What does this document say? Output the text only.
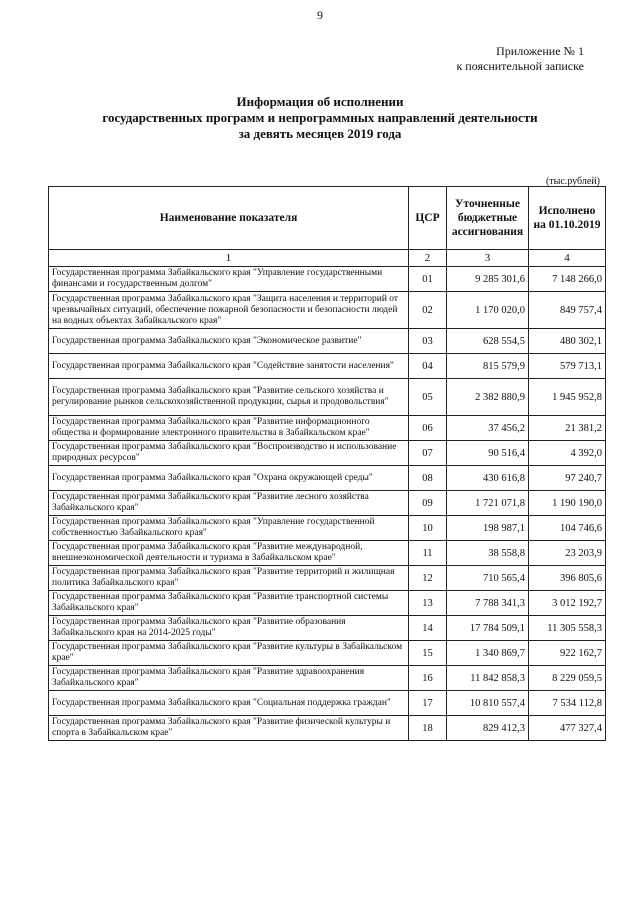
9
Приложение № 1
к пояснительной записке
Информация об исполнении
государственных программ и непрограммных направлений деятельности
за девять месяцев 2019 года
(тыс.рублей)
Наименование показателя	ЦСР	Уточненные бюджетные ассигнования	Исполнено на 01.10.2019
1	2	3	4
Государственная программа Забайкальского края "Управление государственными финансами и государственным долгом"	01	9 285 301,6	7 148 266,0
Государственная программа Забайкальского края "Защита населения и территорий от чрезвычайных ситуаций, обеспечение пожарной безопасности и безопасности людей на водных объектах Забайкальского края"	02	1 170 020,0	849 757,4
Государственная программа Забайкальского края "Экономическое развитие"	03	628 554,5	480 302,1
Государственная программа Забайкальского края "Содействие занятости населения"	04	815 579,9	579 713,1
Государственная программа Забайкальского края "Развитие сельского хозяйства и регулирование рынков сельскохозяйственной продукции, сырья и продовольствия"	05	2 382 880,9	1 945 952,8
Государственная программа Забайкальского края "Развитие информационного общества и формирование электронного правительства в Забайкальском крае"	06	37 456,2	21 381,2
Государственная программа Забайкальского края "Воспроизводство и использование природных ресурсов"	07	90 516,4	4 392,0
Государственная программа Забайкальского края "Охрана окружающей среды"	08	430 616,8	97 240,7
Государственная программа Забайкальского края "Развитие лесного хозяйства Забайкальского края"	09	1 721 071,8	1 190 190,0
Государственная программа Забайкальского края "Управление государственной собственностью Забайкальского края"	10	198 987,1	104 746,6
Государственная программа Забайкальского края "Развитие международной, внешнеэкономической деятельности и туризма в Забайкальском крае"	11	38 558,8	23 203,9
Государственная программа Забайкальского края "Развитие территорий и жилищная политика Забайкальского края"	12	710 565,4	396 805,6
Государственная программа Забайкальского края "Развитие транспортной системы Забайкальского края"	13	7 788 341,3	3 012 192,7
Государственная программа Забайкальского края "Развитие образования Забайкальского края на 2014-2025 годы"	14	17 784 509,1	11 305 558,3
Государственная программа Забайкальского края "Развитие культуры в Забайкальском крае"	15	1 340 869,7	922 162,7
Государственная программа Забайкальского края "Развитие здравоохранения Забайкальского края"	16	11 842 858,3	8 229 059,5
Государственная программа Забайкальского края "Социальная поддержка граждан"	17	10 810 557,4	7 534 112,8
Государственная программа Забайкальского края "Развитие физической культуры и спорта в Забайкальском крае"	18	829 412,3	477 327,4
